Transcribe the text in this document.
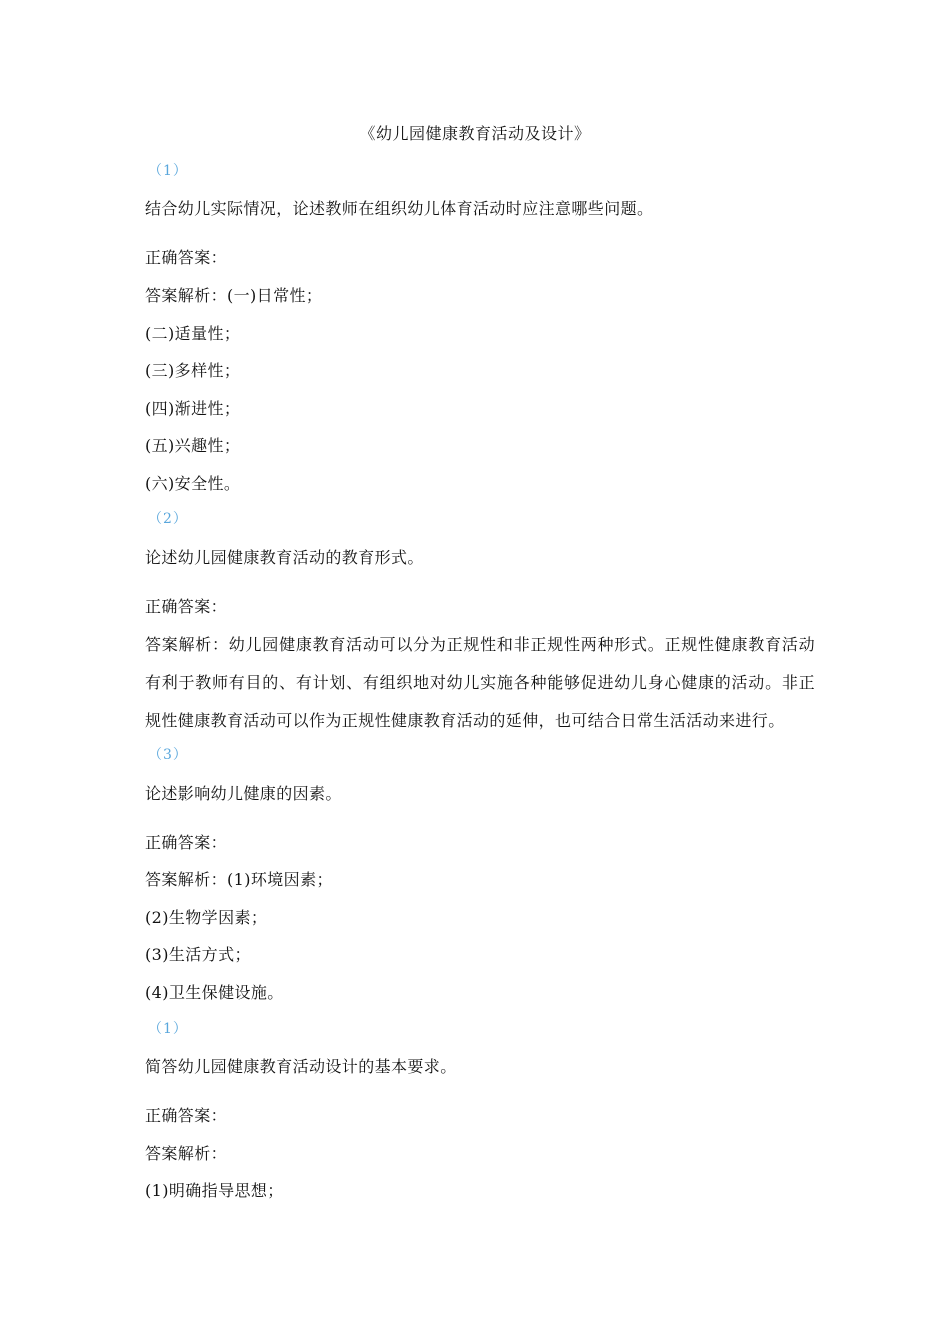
《幼儿园健康教育活动及设计》
（1）
结合幼儿实际情况，论述教师在组织幼儿体育活动时应注意哪些问题。
正确答案：
答案解析：(一)日常性；
(二)适量性；
(三)多样性；
(四)渐进性；
(五)兴趣性；
(六)安全性。
（2）
论述幼儿园健康教育活动的教育形式。
正确答案：
答案解析：幼儿园健康教育活动可以分为正规性和非正规性两种形式。正规性健康教育活动有利于教师有目的、有计划、有组织地对幼儿实施各种能够促进幼儿身心健康的活动。非正规性健康教育活动可以作为正规性健康教育活动的延伸，也可结合日常生活活动来进行。
（3）
论述影响幼儿健康的因素。
正确答案：
答案解析：(1)环境因素；
(2)生物学因素；
(3)生活方式；
(4)卫生保健设施。
（1）
简答幼儿园健康教育活动设计的基本要求。
正确答案：
答案解析：
(1)明确指导思想；
